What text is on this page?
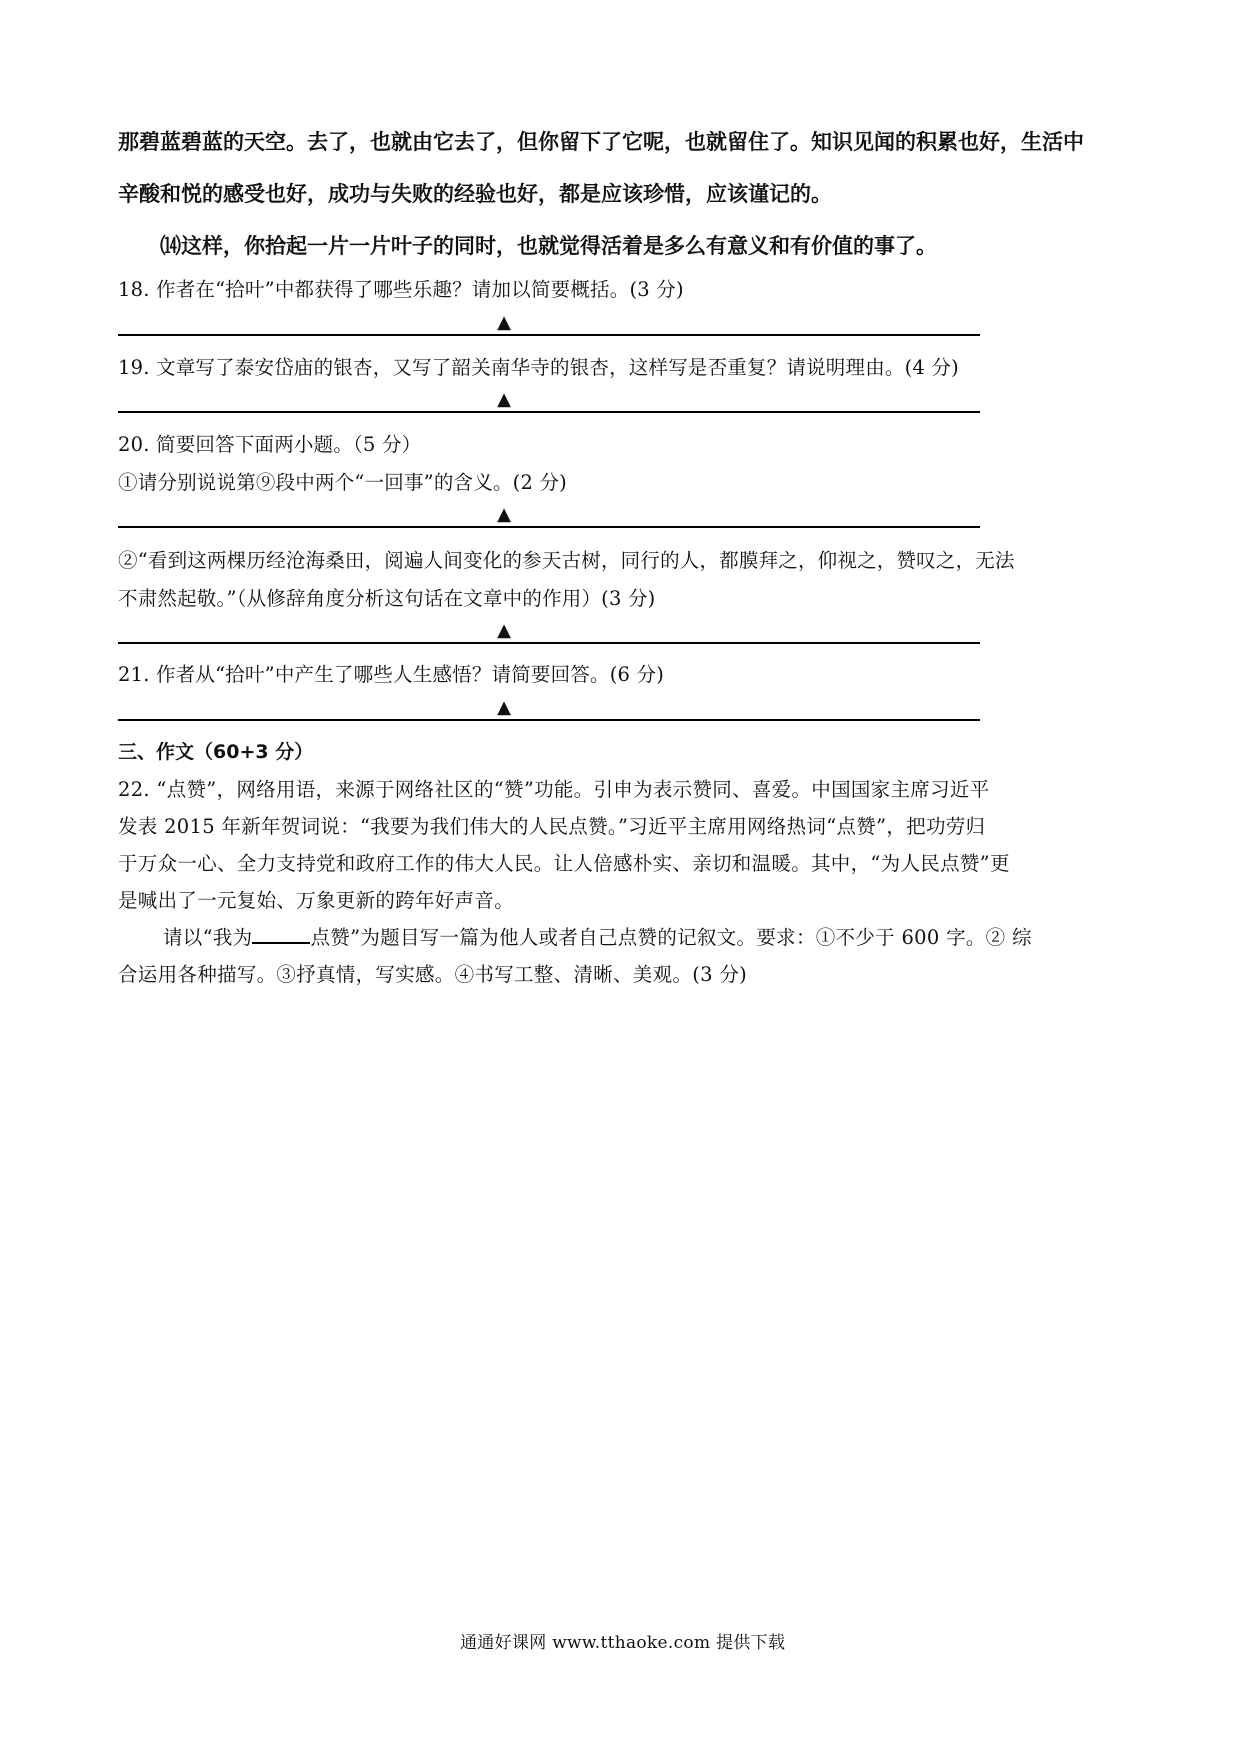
那碧蓝碧蓝的天空。去了，也就由它去了，但你留下了它呢，也就留住了。知识见闻的积累也好，生活中
辛酸和悦的感受也好，成功与失败的经验也好，都是应该珍惜，应该谨记的。
⒁这样，你拾起一片一片叶子的同时，也就觉得活着是多么有意义和有价值的事了。
18. 作者在“拾叶”中都获得了哪些乐趣？请加以简要概括。(3 分)
▲
19. 文章写了泰安岱庙的银杏，又写了韶关南华寺的银杏，这样写是否重复？请说明理由。(4 分)
▲
20. 简要回答下面两小题。（5 分）
①请分别说说第⑨段中两个“一回事”的含义。(2 分)
▲
②“看到这两棵历经沧海桑田，阅遍人间变化的参天古树，同行的人，都膜拜之，仰视之，赞叹之，无法
不肃然起敬。”（从修辞角度分析这句话在文章中的作用）(3 分)
▲
21. 作者从“拾叶”中产生了哪些人生感悟？请简要回答。(6 分)
▲
三、作文（60+3 分）
22. “点赞”，网络用语，来源于网络社区的“赞”功能。引申为表示赞同、喜爱。中国国家主席习近平
发表 2015 年新年贺词说：“我要为我们伟大的人民点赞。”习近平主席用网络热词“点赞”，把功劳归
于万众一心、全力支持党和政府工作的伟大人民。让人倍感朴实、亲切和温暖。其中，“为人民点赞”更
是喊出了一元复始、万象更新的跨年好声音。
请以“我为	点赞”为题目写一篇为他人或者自己点赞的记叙文。要求：①不少于 600 字。② 综
合运用各种描写。③抒真情，写实感。④书写工整、清晰、美观。(3 分)
通通好课网 www.tthaoke.com 提供下载
